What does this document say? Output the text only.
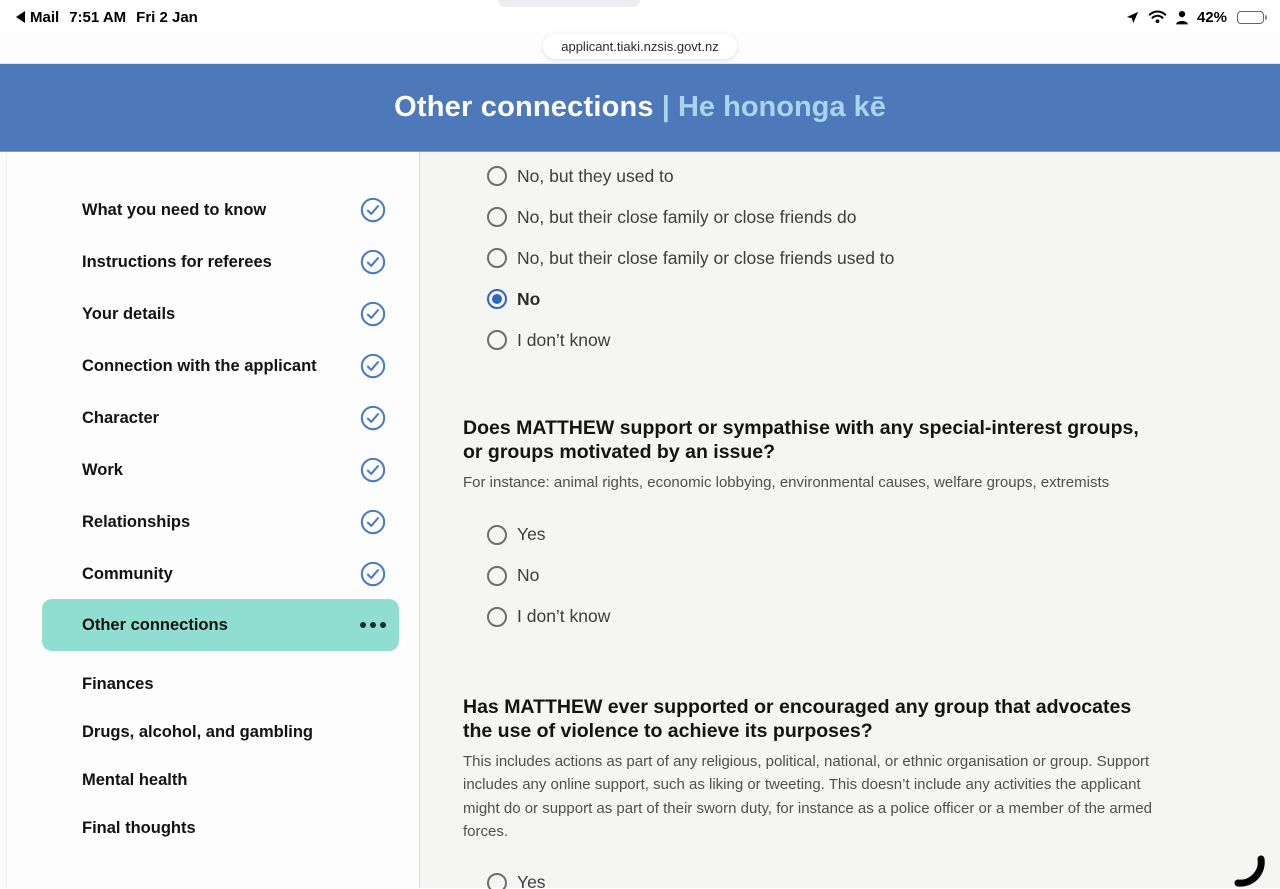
Mail 7:51 AM Fri 2 Jan	42%
applicant.tiaki.nzsis.govt.nz
Other connections | He hononga kē
What you need to know
Instructions for referees
Your details
Connection with the applicant
Character
Work
Relationships
Community
Other connections
Finances
Drugs, alcohol, and gambling
Mental health
Final thoughts
No, but they used to
No, but their close family or close friends do
No, but their close family or close friends used to
No
I don’t know
Does MATTHEW support or sympathise with any special-interest groups, or groups motivated by an issue?
For instance: animal rights, economic lobbying, environmental causes, welfare groups, extremists
Yes
No
I don’t know
Has MATTHEW ever supported or encouraged any group that advocates the use of violence to achieve its purposes?
This includes actions as part of any religious, political, national, or ethnic organisation or group. Support includes any online support, such as liking or tweeting. This doesn’t include any activities the applicant might do or support as part of their sworn duty, for instance as a police officer or a member of the armed forces.
Yes
